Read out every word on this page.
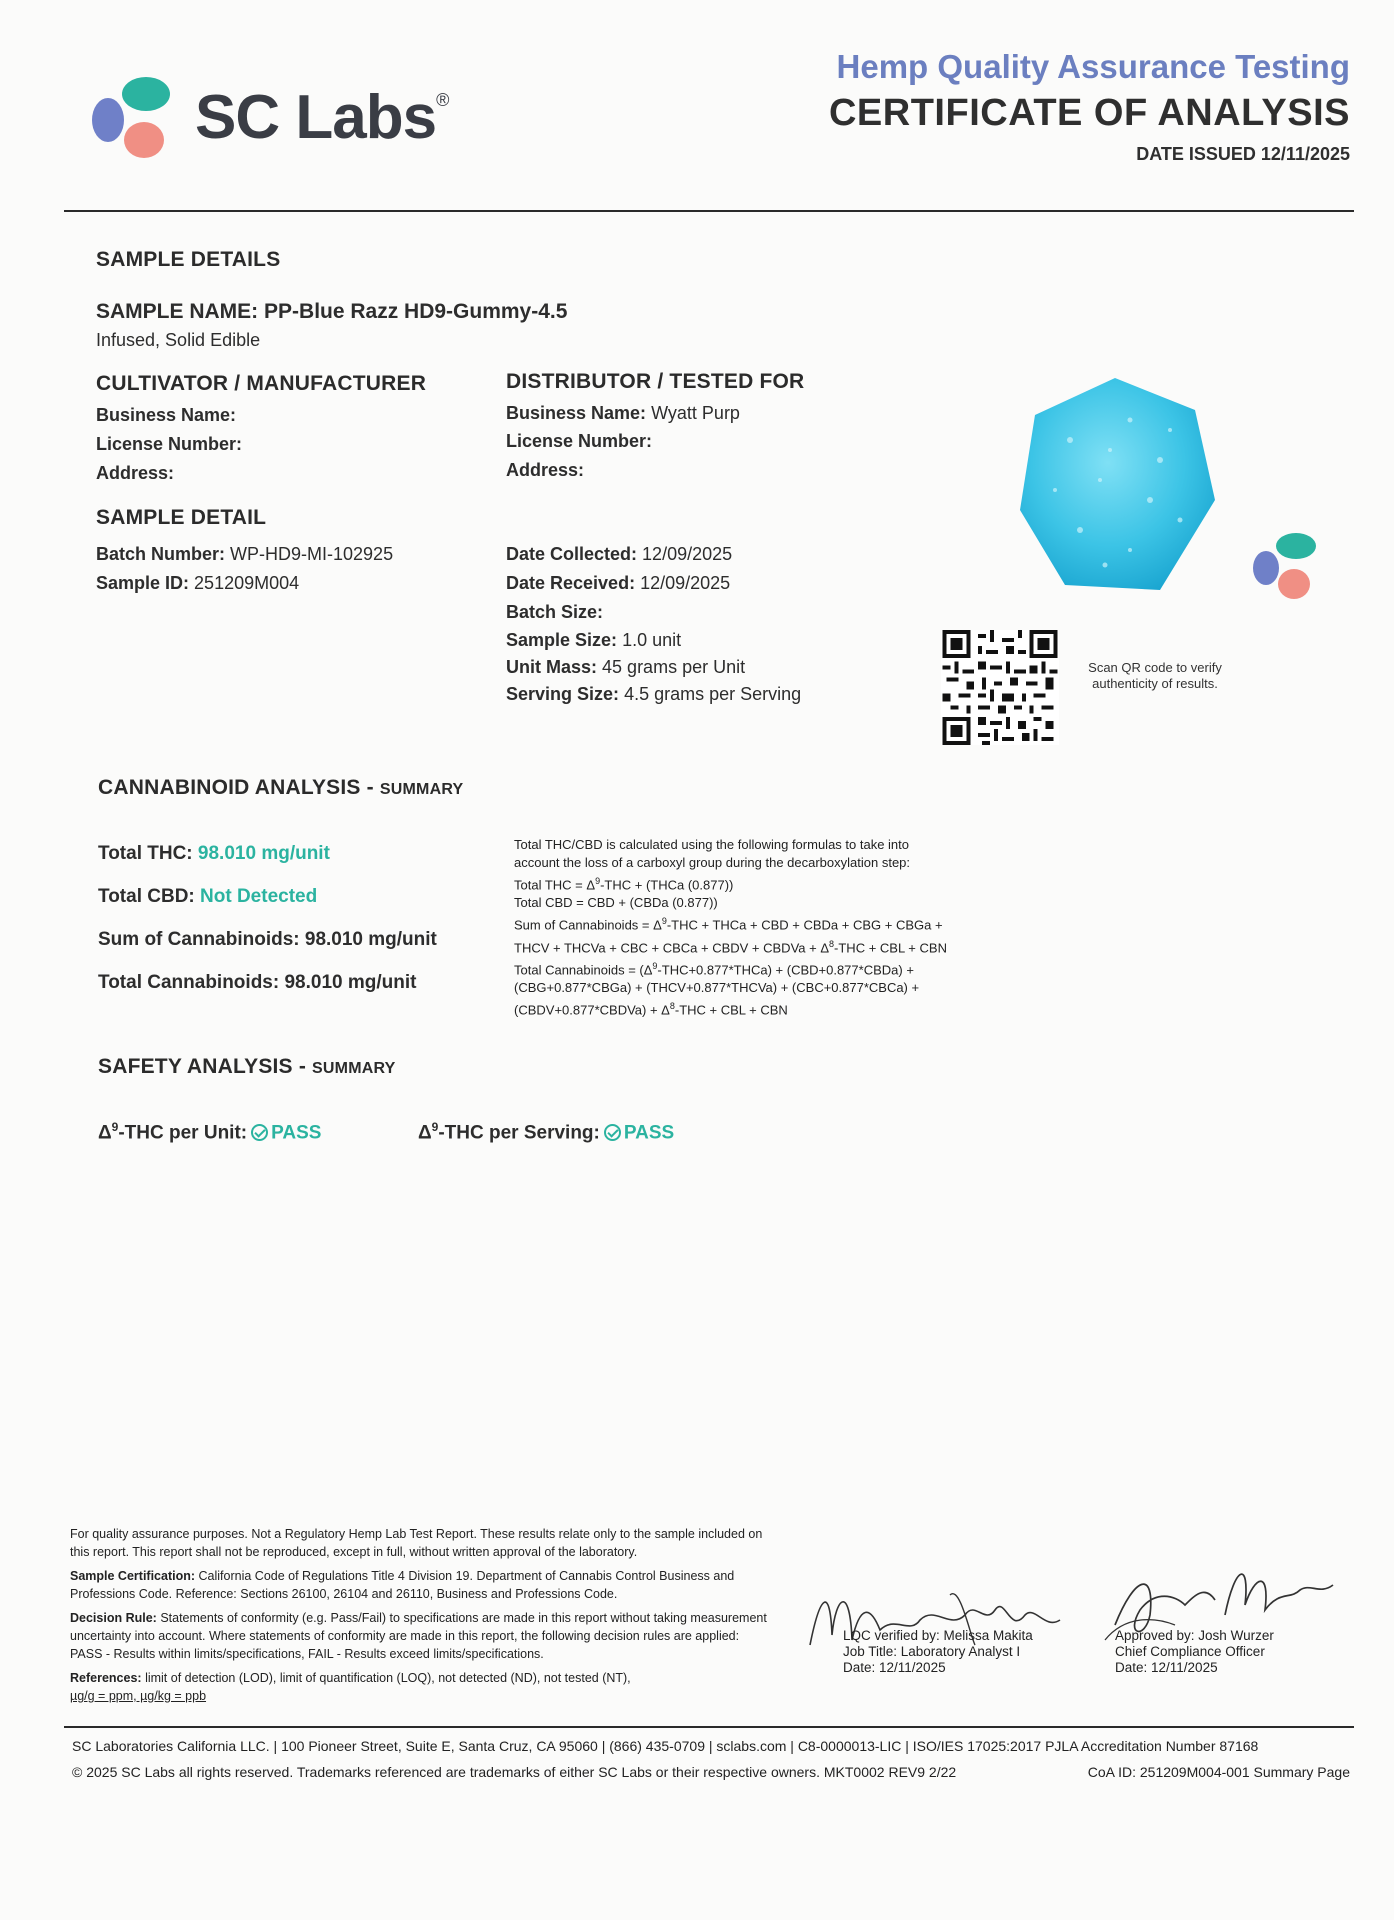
SC Labs®
Hemp Quality Assurance Testing
CERTIFICATE OF ANALYSIS
DATE ISSUED 12/11/2025
SAMPLE DETAILS
SAMPLE NAME: PP-Blue Razz HD9-Gummy-4.5
Infused, Solid Edible
CULTIVATOR / MANUFACTURER
Business Name:
License Number:
Address:
DISTRIBUTOR / TESTED FOR
Business Name: Wyatt Purp
License Number:
Address:
SAMPLE DETAIL
Batch Number: WP-HD9-MI-102925
Sample ID: 251209M004
Date Collected: 12/09/2025
Date Received: 12/09/2025
Batch Size:
Sample Size: 1.0 unit
Unit Mass: 45 grams per Unit
Serving Size: 4.5 grams per Serving
Scan QR code to verify
authenticity of results.
CANNABINOID ANALYSIS - SUMMARY
Total THC: 98.010 mg/unit
Total CBD: Not Detected
Sum of Cannabinoids: 98.010 mg/unit
Total Cannabinoids: 98.010 mg/unit
Total THC/CBD is calculated using the following formulas to take into
account the loss of a carboxyl group during the decarboxylation step:
Total THC = $\Delta^9$-THC + (THCa (0.877))
Total CBD = CBD + (CBDa (0.877))
Sum of Cannabinoids = $\Delta^9$-THC + THCa + CBD + CBDa + CBG + CBGa +
THCV + THCVa + CBC + CBCa + CBDV + CBDVa + $\Delta^8$-THC + CBL + CBN
Total Cannabinoids = $(\Delta^9-THC+0.877*THCa)$ + (CBD+0.877*CBDa) +
(CBG+0.877*CBGa) + (THCV+0.877*THCVa) + (CBC+0.877*CBCa) +
(CBDV+0.877*CBDVa) + $\Delta^8$-THC + CBL + CBN
SAFETY ANALYSIS - SUMMARY
$\Delta^9$-THC per Unit: PASS	$\Delta^9$-THC per Serving: PASS

For quality assurance purposes. Not a Regulatory Hemp Lab Test Report. These results relate only to the sample included on this report. This report shall not be reproduced, except in full, without written approval of the laboratory.

Sample Certification: California Code of Regulations Title 4 Division 19. Department of Cannabis Control Business and Professions Code. Reference: Sections 26100, 26104 and 26110, Business and Professions Code.

Decision Rule: Statements of conformity (e.g. Pass/Fail) to specifications are made in this report without taking measurement uncertainty into account. Where statements of conformity are made in this report, the following decision rules are applied: PASS - Results within limits/specifications, FAIL - Results exceed limits/specifications.

References: limit of detection (LOD), limit of quantification (LOQ), not detected (ND), not tested (NT),

µg/g = ppm, µg/kg = ppb

LQC verified by: Melissa Makita
Job Title: Laboratory Analyst I
Date: 12/11/2025
Approved by: Josh Wurzer
Chief Compliance Officer
Date: 12/11/2025
SC Laboratories California LLC. | 100 Pioneer Street, Suite E, Santa Cruz, CA 95060 | (866) 435-0709 | sclabs.com | C8-0000013-LIC | ISO/IES 17025:2017 PJLA Accreditation Number 87168
© 2025 SC Labs all rights reserved. Trademarks referenced are trademarks of either SC Labs or their respective owners. MKT0002 REV9 2/22	CoA ID: 251209M004-001 Summary Page
